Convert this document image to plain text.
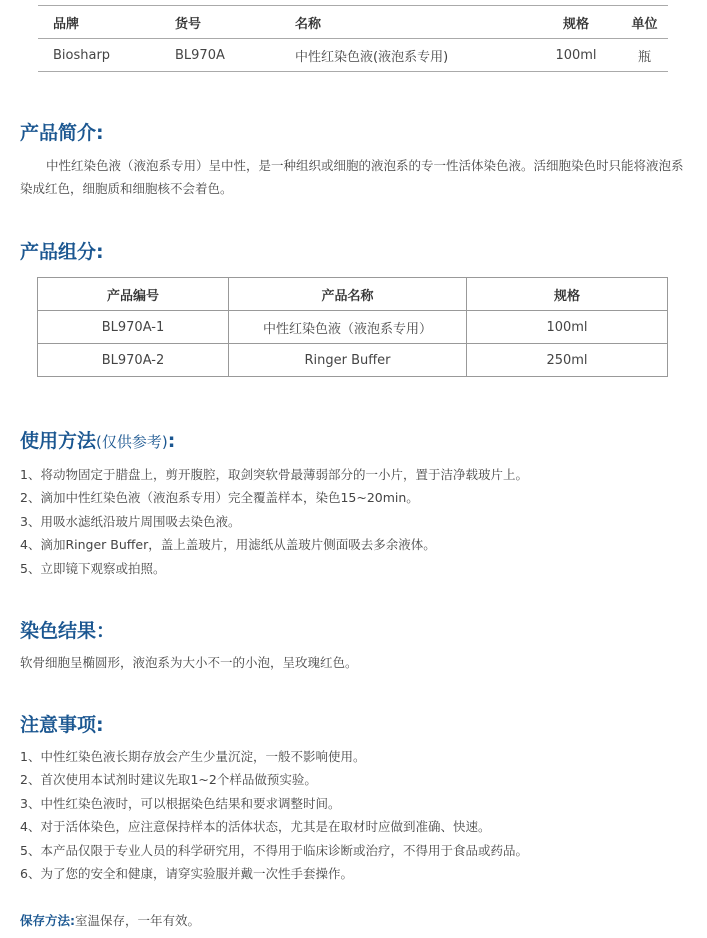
品牌	货号	名称	规格	单位
Biosharp	BL970A	中性红染色液(液泡系专用)	100ml	瓶
产品简介:

中性红染色液（液泡系专用）呈中性，是一种组织或细胞的液泡系的专一性活体染色液。活细胞染色时只能将液泡系染成红色，细胞质和细胞核不会着色。

产品组分:
产品编号	产品名称	规格
BL970A-1	中性红染色液（液泡系专用）	100ml
BL970A-2	Ringer Buffer	250ml
使用方法(仅供参考):
1、将动物固定于腊盘上，剪开腹腔，取剑突软骨最薄弱部分的一小片，置于洁净载玻片上。
2、滴加中性红染色液（液泡系专用）完全覆盖样本，染色15~20min。
3、用吸水滤纸沿玻片周围吸去染色液。
4、滴加Ringer Buffer，盖上盖玻片，用滤纸从盖玻片侧面吸去多余液体。
5、立即镜下观察或拍照。
染色结果：

软骨细胞呈椭圆形，液泡系为大小不一的小泡，呈玫瑰红色。

注意事项:
1、中性红染色液长期存放会产生少量沉淀，一般不影响使用。
2、首次使用本试剂时建议先取1~2个样品做预实验。
3、中性红染色液时，可以根据染色结果和要求调整时间。
4、对于活体染色，应注意保持样本的活体状态，尤其是在取材时应做到准确、快速。
5、本产品仅限于专业人员的科学研究用，不得用于临床诊断或治疗，不得用于食品或药品。
6、为了您的安全和健康，请穿实验服并戴一次性手套操作。

保存方法:室温保存，一年有效。
